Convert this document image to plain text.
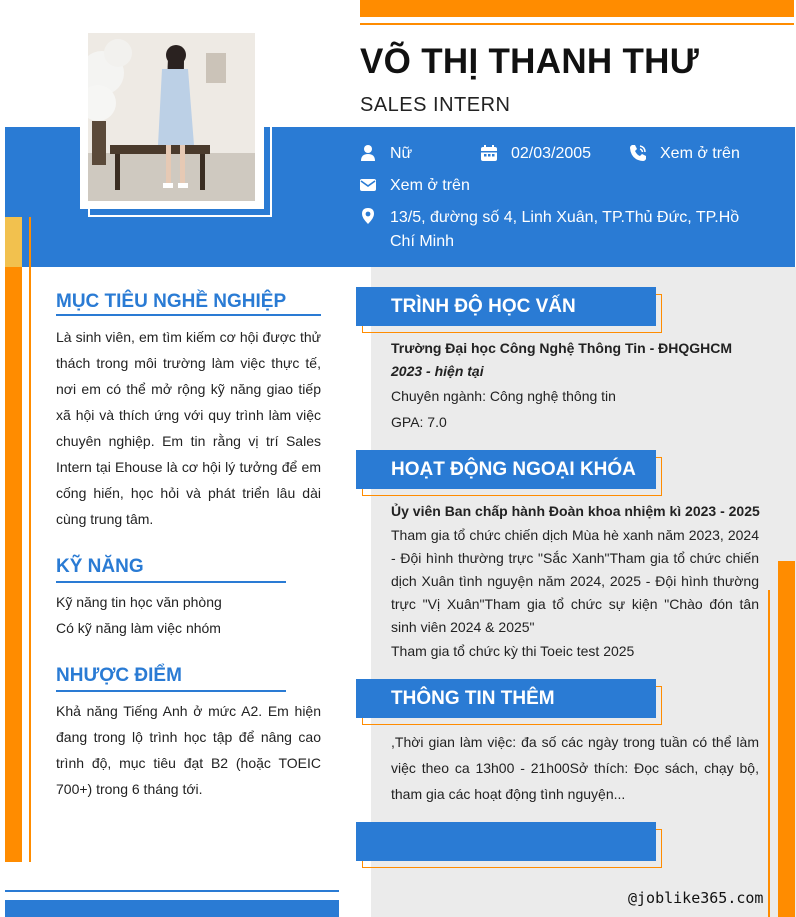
VÕ THỊ THANH THƯ
SALES INTERN
Nữ	02/03/2005	Xem ở trên
Xem ở trên
13/5, đường số 4, Linh Xuân, TP.Thủ Đức, TP.Hồ Chí Minh
MỤC TIÊU NGHỀ NGHIỆP
Là sinh viên, em tìm kiếm cơ hội được thử thách trong môi trường làm việc thực tế, nơi em có thể mở rộng kỹ năng giao tiếp xã hội và thích ứng với quy trình làm việc chuyên nghiệp. Em tin rằng vị trí Sales Intern tại Ehouse là cơ hội lý tưởng để em cống hiến, học hỏi và phát triển lâu dài cùng trung tâm.
KỸ NĂNG
Kỹ năng tin học văn phòng
Có kỹ năng làm việc nhóm
NHƯỢC ĐIỂM
Khả năng Tiếng Anh ở mức A2. Em hiện đang trong lộ trình học tập để nâng cao trình độ, mục tiêu đạt B2 (hoặc TOEIC 700+) trong 6 tháng tới.
TRÌNH ĐỘ HỌC VẤN
Trường Đại học Công Nghệ Thông Tin - ĐHQGHCM
2023 - hiện tại
Chuyên ngành: Công nghệ thông tin
GPA: 7.0
HOẠT ĐỘNG NGOẠI KHÓA
Ủy viên Ban chấp hành Đoàn khoa nhiệm kì 2023 - 2025
Tham gia tổ chức chiến dịch Mùa hè xanh năm 2023, 2024 - Đội hình thường trực "Sắc Xanh"Tham gia tổ chức chiến dịch Xuân tình nguyện năm 2024, 2025 - Đội hình thường trực "Vị Xuân"Tham gia tổ chức sự kiện "Chào đón tân sinh viên 2024 & 2025"
Tham gia tổ chức kỳ thi Toeic test 2025
THÔNG TIN THÊM
,Thời gian làm việc: đa số các ngày trong tuần có thể làm việc theo ca 13h00 - 21h00Sở thích: Đọc sách, chạy bộ, tham gia các hoạt động tình nguyện...
@joblike365.com
